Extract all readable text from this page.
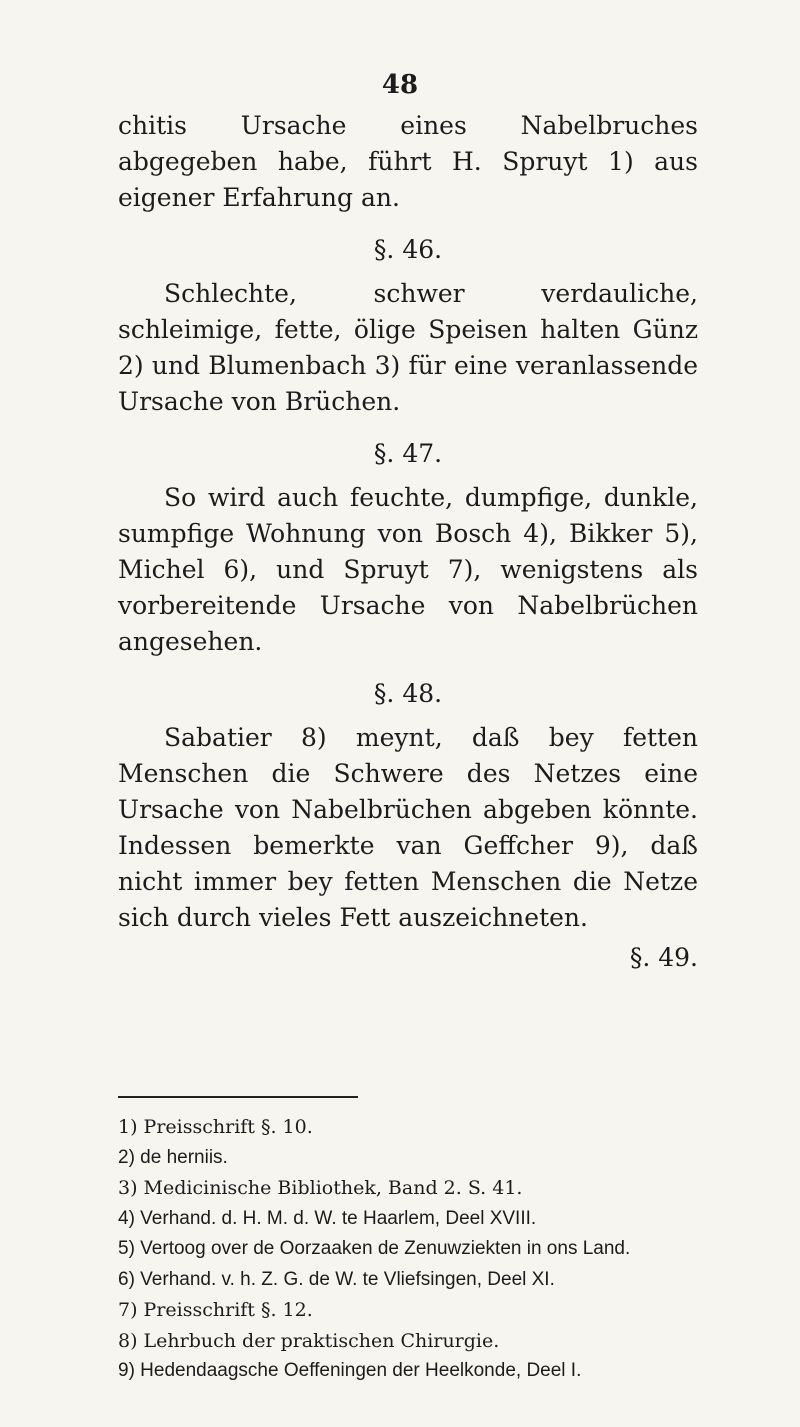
48

chitis Ursache eines Nabelbruches abgegeben habe, führt H. Spruyt 1) aus eigener Erfahrung an.

§. 46.

Schlechte, schwer verdauliche, schleimige, fette, ölige Speisen halten Günz 2) und Blumenbach 3) für eine veranlassende Ursache von Brüchen.

§. 47.

So wird auch feuchte, dumpfige, dunkle, sumpfige Wohnung von Bosch 4), Bikker 5), Michel 6), und Spruyt 7), wenigstens als vorbereitende Ursache von Nabelbrüchen angesehen.

§. 48.

Sabatier 8) meynt, daß bey fetten Menschen die Schwere des Netzes eine Ursache von Nabelbrüchen abgeben könnte. Indessen bemerkte van Geffcher 9), daß nicht immer bey fetten Menschen die Netze sich durch vieles Fett auszeichneten.

§. 49.

1) Preisschrift §. 10.

2) de herniis.

3) Medicinische Bibliothek, Band 2. S. 41.

4) Verhand. d. H. M. d. W. te Haarlem, Deel XVIII.

5) Vertoog over de Oorzaaken de Zenuwziekten in ons Land.

6) Verhand. v. h. Z. G. de W. te Vliefsingen, Deel XI.

7) Preisschrift §. 12.

8) Lehrbuch der praktischen Chirurgie.

9) Hedendaagsche Oeffeningen der Heelkonde, Deel I.
